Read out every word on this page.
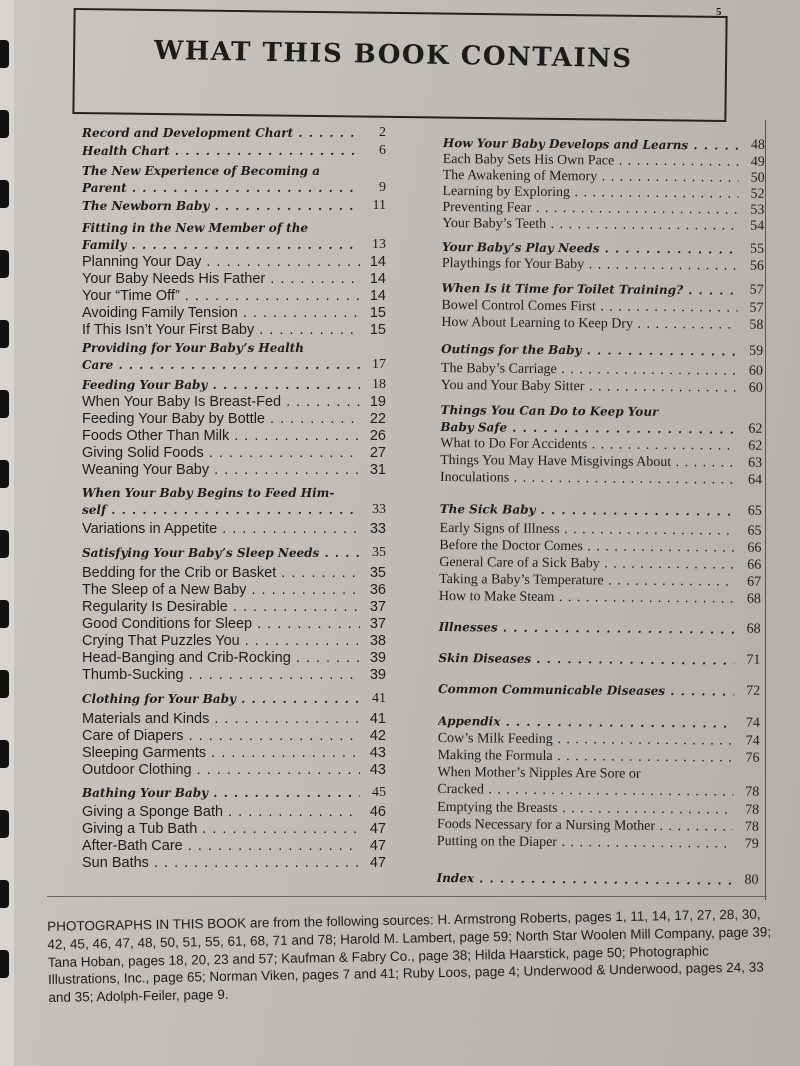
5
WHAT THIS BOOK CONTAINS
Record and Development Chart . . .	2
Health Chart . . .	6
The New Experience of Becoming a
Parent . . .	9
The Newborn Baby . . .	11
Fitting in the New Member of the
Family . . .	13
Planning Your Day . . .	14
Your Baby Needs His Father . . .	14
Your “Time Off” . . .	14
Avoiding Family Tension . . .	15
If This Isn’t Your First Baby . . .	15
Providing for Your Baby’s Health
Care . . .	17
Feeding Your Baby . . .	18
When Your Baby Is Breast-Fed . . .	19
Feeding Your Baby by Bottle . . .	22
Foods Other Than Milk . . .	26
Giving Solid Foods . . .	27
Weaning Your Baby . . .	31
When Your Baby Begins to Feed Him-
self . . .	33
Variations in Appetite . . .	33
Satisfying Your Baby’s Sleep Needs . . .	35
Bedding for the Crib or Basket . . .	35
The Sleep of a New Baby . . .	36
Regularity Is Desirable . . .	37
Good Conditions for Sleep . . .	37
Crying That Puzzles You . . .	38
Head-Banging and Crib-Rocking . . .	39
Thumb-Sucking . . .	39
Clothing for Your Baby . . .	41
Materials and Kinds . . .	41
Care of Diapers . . .	42
Sleeping Garments . . .	43
Outdoor Clothing . . .	43
Bathing Your Baby . . .	45
Giving a Sponge Bath . . .	46
Giving a Tub Bath . . .	47
After-Bath Care . . .	47
Sun Baths . . .	47
How Your Baby Develops and Learns . . .	48
Each Baby Sets His Own Pace . . .	49
The Awakening of Memory . . .	50
Learning by Exploring . . .	52
Preventing Fear . . .	53
Your Baby’s Teeth . . .	54
Your Baby’s Play Needs . . .	55
Playthings for Your Baby . . .	56
When Is it Time for Toilet Training? . . .	57
Bowel Control Comes First . . .	57
How About Learning to Keep Dry . . .	58
Outings for the Baby . . .	59
The Baby’s Carriage . . .	60
You and Your Baby Sitter . . .	60
Things You Can Do to Keep Your
Baby Safe . . .	62
What to Do For Accidents . . .	62
Things You May Have Misgivings About . . .	63
Inoculations . . .	64
The Sick Baby . . .	65
Early Signs of Illness . . .	65
Before the Doctor Comes . . .	66
General Care of a Sick Baby . . .	66
Taking a Baby’s Temperature . . .	67
How to Make Steam . . .	68
Illnesses . . .	68
Skin Diseases . . .	71
Common Communicable Diseases . . .	72
Appendix . . .	74
Cow’s Milk Feeding . . .	74
Making the Formula . . .	76
When Mother’s Nipples Are Sore or
Cracked . . .	78
Emptying the Breasts . . .	78
Foods Necessary for a Nursing Mother . . .	78
Putting on the Diaper . . .	79
Index . . .	80

PHOTOGRAPHS IN THIS BOOK are from the following sources: H. Armstrong Roberts, pages 1, 11, 14, 17, 27, 28, 30, 42, 45, 46, 47, 48, 50, 51, 55, 61, 68, 71 and 78; Harold M. Lambert, page 59; North Star Woolen Mill Company, page 39; Tana Hoban, pages 18, 20, 23 and 57; Kaufman & Fabry Co., page 38; Hilda Haarstick, page 50; Photographic Illustrations, Inc., page 65; Norman Viken, pages 7 and 41; Ruby Loos, page 4; Underwood & Underwood, pages 24, 33 and 35; Adolph-Feiler, page 9.
